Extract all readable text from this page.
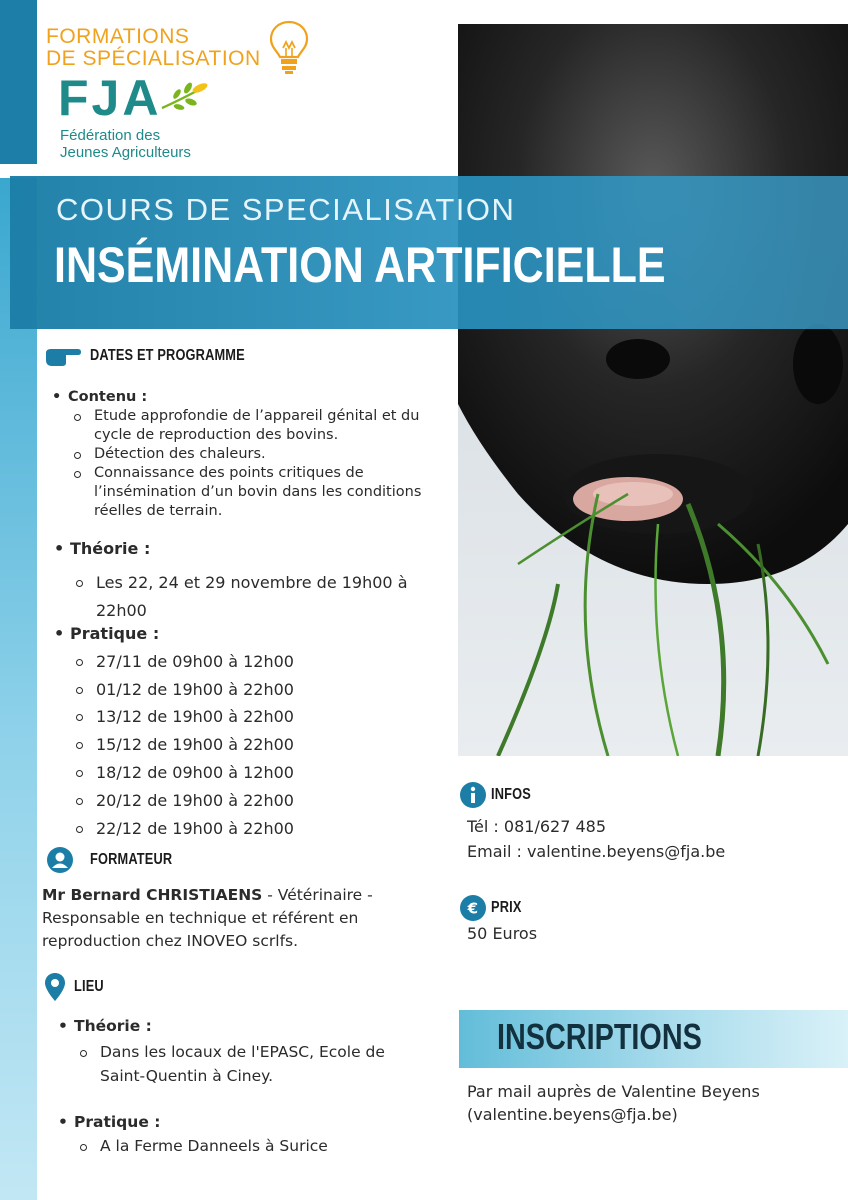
FORMATIONS
DE SPÉCIALISATION
FJA
Fédération des
Jeunes Agriculteurs
COURS DE SPECIALISATION
INSÉMINATION ARTIFICIELLE
DATES ET PROGRAMME
• Contenu :
Etude approfondie de l’appareil génital et du cycle de reproduction des bovins.
Détection des chaleurs.
Connaissance des points critiques de l’insémination d’un bovin dans les conditions réelles de terrain.
• Théorie :
Les 22, 24 et 29 novembre de 19h00 à 22h00
• Pratique :
27/11 de 09h00 à 12h00
01/12 de 19h00 à 22h00
13/12 de 19h00 à 22h00
15/12 de 19h00 à 22h00
18/12 de 09h00 à 12h00
20/12 de 19h00 à 22h00
22/12 de 19h00 à 22h00
FORMATEUR
Mr Bernard CHRISTIAENS - Vétérinaire - Responsable en technique et référent en reproduction chez INOVEO scrlfs.
LIEU
• Théorie :
Dans les locaux de l'EPASC, Ecole de Saint-Quentin à Ciney.
• Pratique :
A la Ferme Danneels à Surice
INFOS
Tél : 081/627 485
Email : valentine.beyens@fja.be
€ PRIX
50 Euros
INSCRIPTIONS
Par mail auprès de Valentine Beyens
(valentine.beyens@fja.be)
